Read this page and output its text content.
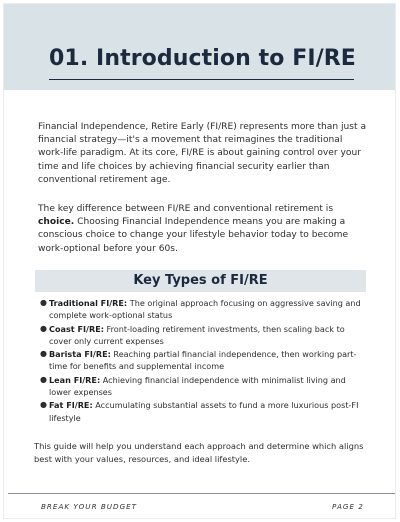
01. Introduction to FI/RE

Financial Independence, Retire Early (FI/RE) represents more than just a financial strategy—it's a movement that reimagines the traditional work-life paradigm. At its core, FI/RE is about gaining control over your time and life choices by achieving financial security earlier than conventional retirement age.

The key difference between FI/RE and conventional retirement is choice. Choosing Financial Independence means you are making a conscious choice to change your lifestyle behavior today to become work-optional before your 60s.

Key Types of FI/RE
● Traditional FI/RE: The original approach focusing on aggressive saving and complete work-optional status
● Coast FI/RE: Front-loading retirement investments, then scaling back to cover only current expenses
● Barista FI/RE: Reaching partial financial independence, then working part-time for benefits and supplemental income
● Lean FI/RE: Achieving financial independence with minimalist living and lower expenses
● Fat FI/RE: Accumulating substantial assets to fund a more luxurious post-FI lifestyle

This guide will help you understand each approach and determine which aligns best with your values, resources, and ideal lifestyle.

BREAK YOUR BUDGET	PAGE 2
